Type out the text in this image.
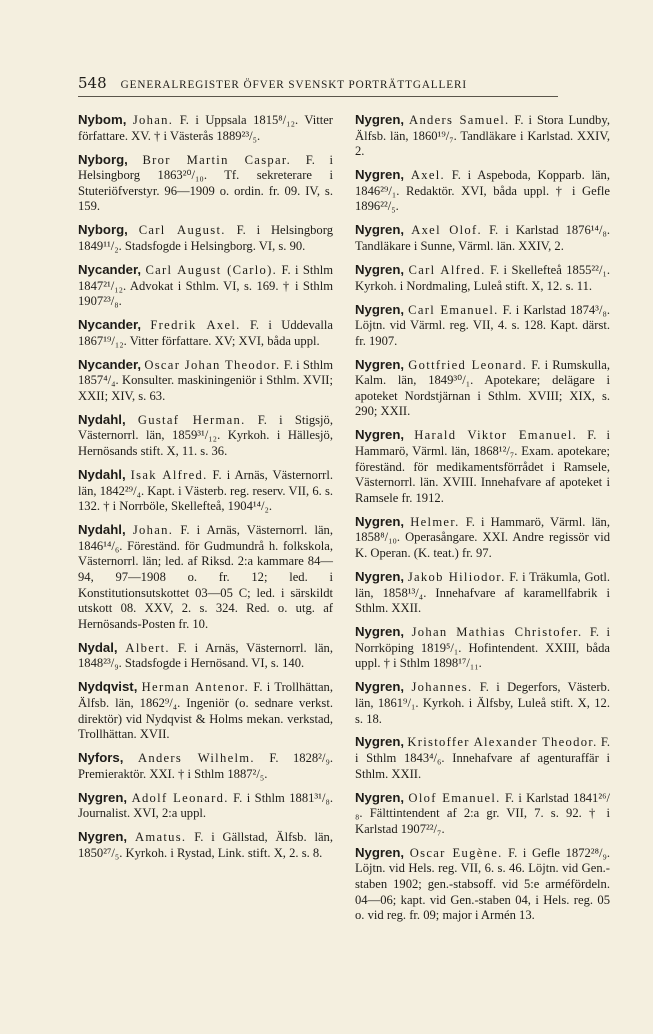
548 GENERALREGISTER ÖFVER SVENSKT PORTRÄTTGALLERI

Nybom, Johan. F. i Uppsala 1815⁸/₁₂. Vitter författare. XV. † i Västerås 1889²³/₅.

Nyborg, Bror Martin Caspar. F. i Helsingborg 1863²⁰/₁₀. Tf. sekreterare i Stuteriöfverstyr. 96—1909 o. ordin. fr. 09. IV, s. 159.

Nyborg, Carl August. F. i Helsingborg 1849¹¹/₂. Stadsfogde i Helsingborg. VI, s. 90.

Nycander, Carl August (Carlo). F. i Sthlm 1847²¹/₁₂. Advokat i Sthlm. VI, s. 169. † i Sthlm 1907²³/₈.

Nycander, Fredrik Axel. F. i Uddevalla 1867¹⁹/₁₂. Vitter författare. XV; XVI, båda uppl.

Nycander, Oscar Johan Theodor. F. i Sthlm 1857⁴/₄. Konsulter. maskiningeniör i Sthlm. XVII; XXII; XIV, s. 63.

Nydahl, Gustaf Herman. F. i Stigsjö, Västernorrl. län, 1859³¹/₁₂. Kyrkoh. i Hällesjö, Hernösands stift. X, 11. s. 36.

Nydahl, Isak Alfred. F. i Arnäs, Västernorrl. län, 1842²⁹/₄. Kapt. i Västerb. reg. reserv. VII, 6. s. 132. † i Norrböle, Skellefteå, 1904¹⁴/₂.

Nydahl, Johan. F. i Arnäs, Västernorrl. län, 1846¹⁴/₆. Föreständ. för Gudmundrå h. folkskola, Västernorrl. län; led. af Riksd. 2:a kammare 84—94, 97—1908 o. fr. 12; led. i Konstitutionsutskottet 03—05 C; led. i särskildt utskott 08. XXV, 2. s. 324. Red. o. utg. af Hernösands-Posten fr. 10.

Nydal, Albert. F. i Arnäs, Västernorrl. län, 1848²³/₉. Stadsfogde i Hernösand. VI, s. 140.

Nydqvist, Herman Antenor. F. i Trollhättan, Älfsb. län, 1862⁹/₄. Ingeniör (o. sednare verkst. direktör) vid Nydqvist & Holms mekan. verkstad, Trollhättan. XVII.

Nyfors, Anders Wilhelm. F. 1828²/₉. Premieraktör. XXI. † i Sthlm 1887²/₅.

Nygren, Adolf Leonard. F. i Sthlm 1881³¹/₈. Journalist. XVI, 2:a uppl.

Nygren, Amatus. F. i Gällstad, Älfsb. län, 1850²⁷/₅. Kyrkoh. i Rystad, Link. stift. X, 2. s. 8.

Nygren, Anders Samuel. F. i Stora Lundby, Älfsb. län, 1860¹⁹/₇. Tandläkare i Karlstad. XXIV, 2.

Nygren, Axel. F. i Aspeboda, Kopparb. län, 1846²⁹/₁. Redaktör. XVI, båda uppl. † i Gefle 1896²²/₅.

Nygren, Axel Olof. F. i Karlstad 1876¹⁴/₈. Tandläkare i Sunne, Värml. län. XXIV, 2.

Nygren, Carl Alfred. F. i Skellefteå 1855²²/₁. Kyrkoh. i Nordmaling, Luleå stift. X, 12. s. 11.

Nygren, Carl Emanuel. F. i Karlstad 1874³/₈. Löjtn. vid Värml. reg. VII, 4. s. 128. Kapt. därst. fr. 1907.

Nygren, Gottfried Leonard. F. i Rumskulla, Kalm. län, 1849³⁰/₁. Apotekare; delägare i apoteket Nordstjärnan i Sthlm. XVIII; XIX, s. 290; XXII.

Nygren, Harald Viktor Emanuel. F. i Hammarö, Värml. län, 1868¹²/₇. Exam. apotekare; föreständ. för medikamentsförrådet i Ramsele, Västernorrl. län. XVIII. Innehafvare af apoteket i Ramsele fr. 1912.

Nygren, Helmer. F. i Hammarö, Värml. län, 1858⁸/₁₀. Operasångare. XXI. Andre regissör vid K. Operan. (K. teat.) fr. 97.

Nygren, Jakob Hiliodor. F. i Träkumla, Gotl. län, 1858¹³/₄. Innehafvare af karamellfabrik i Sthlm. XXII.

Nygren, Johan Mathias Christofer. F. i Norrköping 1819⁵/₁. Hofintendent. XXIII, båda uppl. † i Sthlm 1898¹⁷/₁₁.

Nygren, Johannes. F. i Degerfors, Västerb. län, 1861⁹/₁. Kyrkoh. i Älfsby, Luleå stift. X, 12. s. 18.

Nygren, Kristoffer Alexander Theodor. F. i Sthlm 1843⁴/₆. Innehafvare af agenturaffär i Sthlm. XXII.

Nygren, Olof Emanuel. F. i Karlstad 1841²⁶/₈. Fälttintendent af 2:a gr. VII, 7. s. 92. † i Karlstad 1907²²/₇.

Nygren, Oscar Eugène. F. i Gefle 1872²⁸/₉. Löjtn. vid Hels. reg. VII, 6. s. 46. Löjtn. vid Gen.-staben 1902; gen.-stabsoff. vid 5:e arméfördeln. 04—06; kapt. vid Gen.-staben 04, i Hels. reg. 05 o. vid reg. fr. 09; major i Armén 13.
